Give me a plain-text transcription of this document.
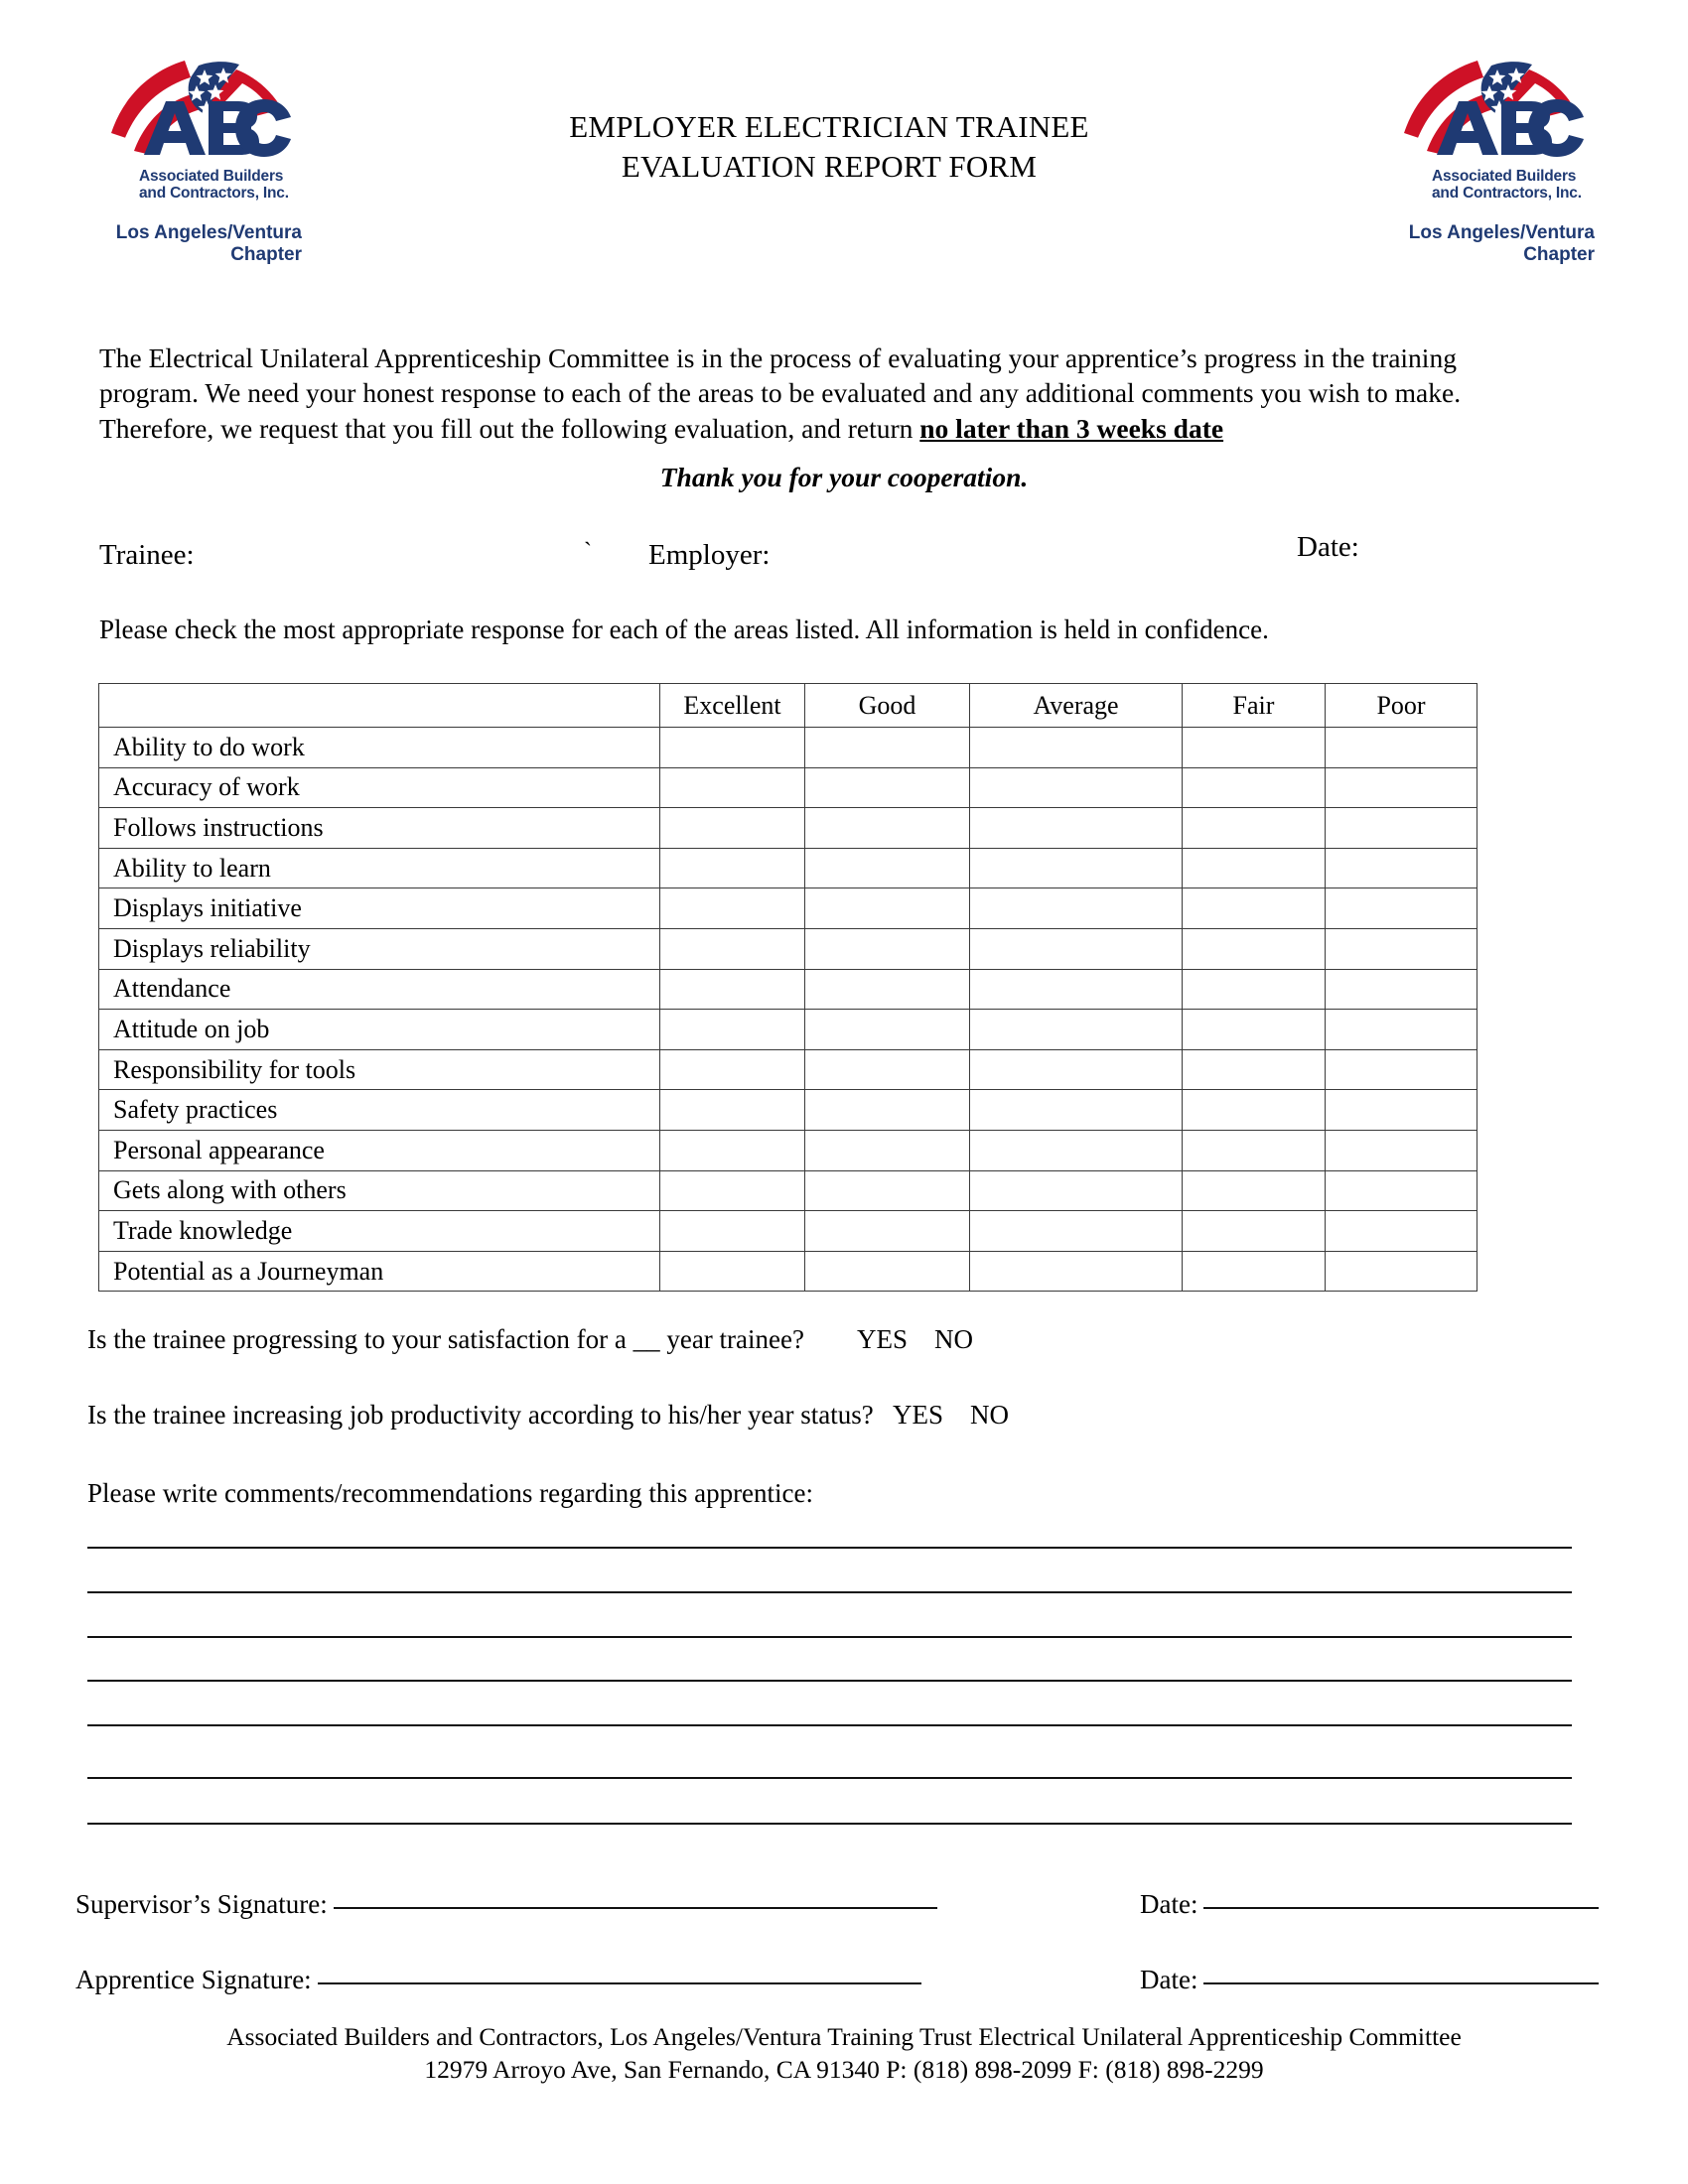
Associated Builders
and Contractors, Inc.
Los Angeles/Ventura
Chapter
Associated Builders
and Contractors, Inc.
Los Angeles/Ventura
Chapter
EMPLOYER ELECTRICIAN TRAINEE
EVALUATION REPORT FORM

The Electrical Unilateral Apprenticeship Committee is in the process of evaluating your apprentice’s progress in the training program. We need your honest response to each of the areas to be evaluated and any additional comments you wish to make. Therefore, we request that you fill out the following evaluation, and return no later than 3 weeks date

Thank you for your cooperation.
Trainee:	` Employer:	Date:
Please check the most appropriate response for each of the areas listed. All information is held in confidence.
	Excellent	Good	Average	Fair	Poor
Ability to do work					
Accuracy of work					
Follows instructions					
Ability to learn					
Displays initiative					
Displays reliability					
Attendance					
Attitude on job					
Responsibility for tools					
Safety practices					
Personal appearance					
Gets along with others					
Trade knowledge					
Potential as a Journeyman					
Is the trainee progressing to your satisfaction for a __ year trainee? YES NO
Is the trainee increasing job productivity according to his/her year status? YES NO
Please write comments/recommendations regarding this apprentice:
Supervisor’s Signature:	Date:
Apprentice Signature:	Date:
Associated Builders and Contractors, Los Angeles/Ventura Training Trust Electrical Unilateral Apprenticeship Committee
12979 Arroyo Ave, San Fernando, CA 91340 P: (818) 898-2099 F: (818) 898-2299
